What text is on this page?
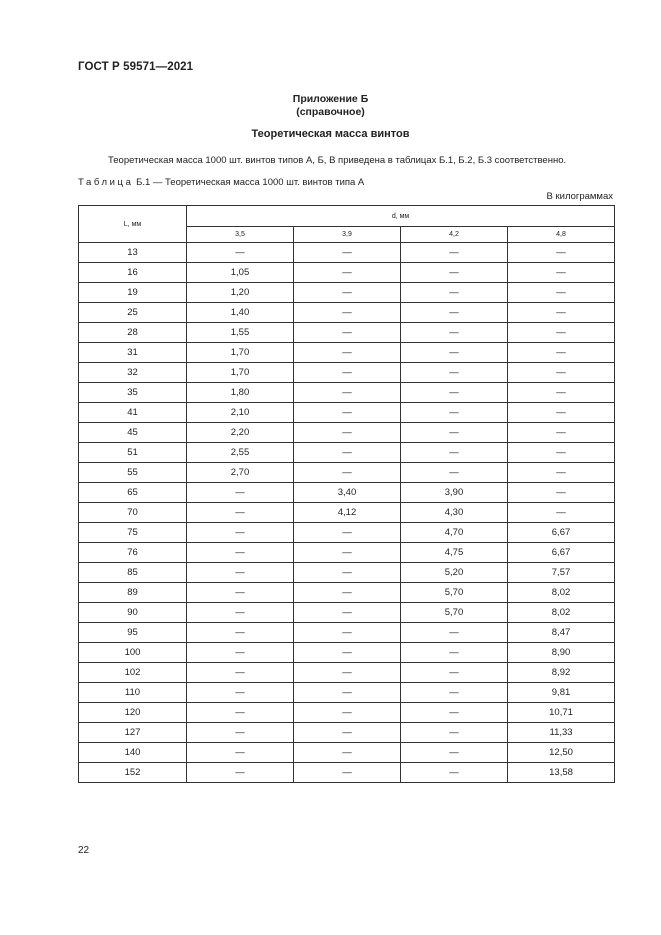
ГОСТ Р 59571—2021
Приложение Б
(справочное)
Теоретическая масса винтов
Теоретическая масса 1000 шт. винтов типов А, Б, В приведена в таблицах Б.1, Б.2, Б.3 соответственно.
Таблица Б.1 — Теоретическая масса 1000 шт. винтов типа А
В килограммах
L, мм	d, мм			
	3,5	3,9	4,2	4,8
13	—	—	—	—
16	1,05	—	—	—
19	1,20	—	—	—
25	1,40	—	—	—
28	1,55	—	—	—
31	1,70	—	—	—
32	1,70	—	—	—
35	1,80	—	—	—
41	2,10	—	—	—
45	2,20	—	—	—
51	2,55	—	—	—
55	2,70	—	—	—
65	—	3,40	3,90	—
70	—	4,12	4,30	—
75	—	—	4,70	6,67
76	—	—	4,75	6,67
85	—	—	5,20	7,57
89	—	—	5,70	8,02
90	—	—	5,70	8,02
95	—	—	—	8,47
100	—	—	—	8,90
102	—	—	—	8,92
110	—	—	—	9,81
120	—	—	—	10,71
127	—	—	—	11,33
140	—	—	—	12,50
152	—	—	—	13,58
22
